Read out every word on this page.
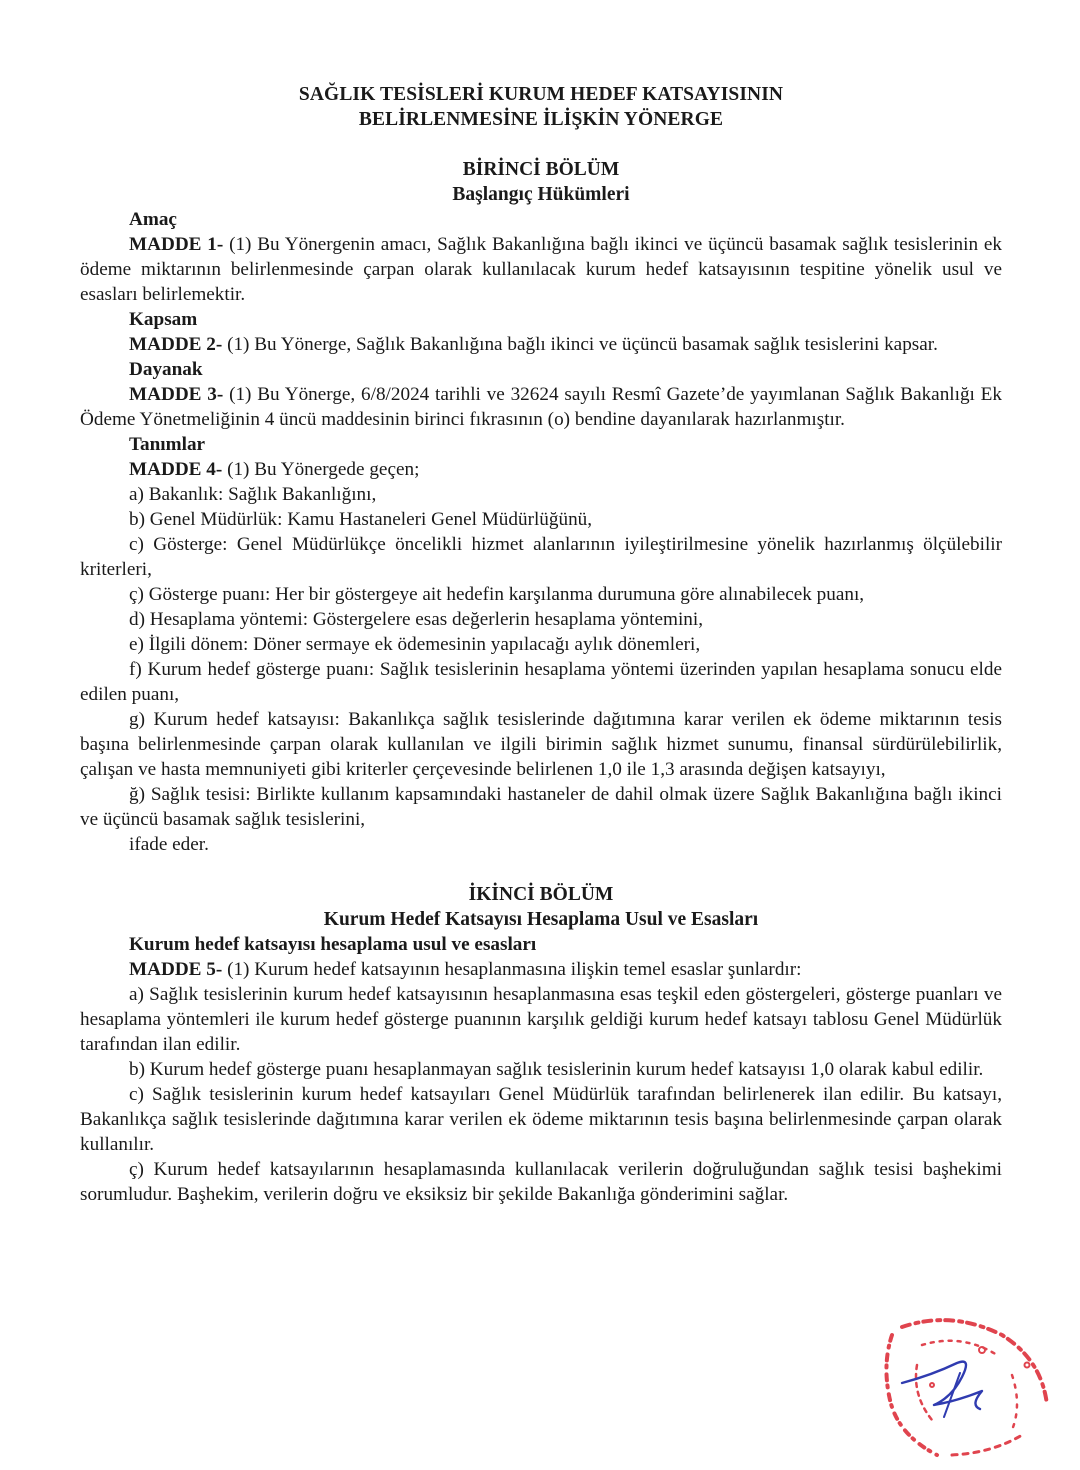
SAĞLIK TESİSLERİ KURUM HEDEF KATSAYISININ
BELİRLENMESİNE İLİŞKİN YÖNERGE
BİRİNCİ BÖLÜM
Başlangıç Hükümleri
Amaç
MADDE 1- (1) Bu Yönergenin amacı, Sağlık Bakanlığına bağlı ikinci ve üçüncü basamak sağlık tesislerinin ek ödeme miktarının belirlenmesinde çarpan olarak kullanılacak kurum hedef katsayısının tespitine yönelik usul ve esasları belirlemektir.
Kapsam
MADDE 2- (1) Bu Yönerge, Sağlık Bakanlığına bağlı ikinci ve üçüncü basamak sağlık tesislerini kapsar.
Dayanak
MADDE 3- (1) Bu Yönerge, 6/8/2024 tarihli ve 32624 sayılı Resmî Gazete’de yayımlanan Sağlık Bakanlığı Ek Ödeme Yönetmeliğinin 4 üncü maddesinin birinci fıkrasının (o) bendine dayanılarak hazırlanmıştır.
Tanımlar
MADDE 4- (1) Bu Yönergede geçen;
a) Bakanlık: Sağlık Bakanlığını,
b) Genel Müdürlük: Kamu Hastaneleri Genel Müdürlüğünü,
c) Gösterge: Genel Müdürlükçe öncelikli hizmet alanlarının iyileştirilmesine yönelik hazırlanmış ölçülebilir kriterleri,
ç) Gösterge puanı: Her bir göstergeye ait hedefin karşılanma durumuna göre alınabilecek puanı,
d) Hesaplama yöntemi: Göstergelere esas değerlerin hesaplama yöntemini,
e) İlgili dönem: Döner sermaye ek ödemesinin yapılacağı aylık dönemleri,
f) Kurum hedef gösterge puanı: Sağlık tesislerinin hesaplama yöntemi üzerinden yapılan hesaplama sonucu elde edilen puanı,
g) Kurum hedef katsayısı: Bakanlıkça sağlık tesislerinde dağıtımına karar verilen ek ödeme miktarının tesis başına belirlenmesinde çarpan olarak kullanılan ve ilgili birimin sağlık hizmet sunumu, finansal sürdürülebilirlik, çalışan ve hasta memnuniyeti gibi kriterler çerçevesinde belirlenen 1,0 ile 1,3 arasında değişen katsayıyı,
ğ) Sağlık tesisi: Birlikte kullanım kapsamındaki hastaneler de dahil olmak üzere Sağlık Bakanlığına bağlı ikinci ve üçüncü basamak sağlık tesislerini,
ifade eder.
İKİNCİ BÖLÜM
Kurum Hedef Katsayısı Hesaplama Usul ve Esasları
Kurum hedef katsayısı hesaplama usul ve esasları
MADDE 5- (1) Kurum hedef katsayının hesaplanmasına ilişkin temel esaslar şunlardır:
a) Sağlık tesislerinin kurum hedef katsayısının hesaplanmasına esas teşkil eden göstergeleri, gösterge puanları ve hesaplama yöntemleri ile kurum hedef gösterge puanının karşılık geldiği kurum hedef katsayı tablosu Genel Müdürlük tarafından ilan edilir.
b) Kurum hedef gösterge puanı hesaplanmayan sağlık tesislerinin kurum hedef katsayısı 1,0 olarak kabul edilir.
c) Sağlık tesislerinin kurum hedef katsayıları Genel Müdürlük tarafından belirlenerek ilan edilir. Bu katsayı, Bakanlıkça sağlık tesislerinde dağıtımına karar verilen ek ödeme miktarının tesis başına belirlenmesinde çarpan olarak kullanılır.
ç) Kurum hedef katsayılarının hesaplamasında kullanılacak verilerin doğruluğundan sağlık tesisi başhekimi sorumludur. Başhekim, verilerin doğru ve eksiksiz bir şekilde Bakanlığa gönderimini sağlar.
